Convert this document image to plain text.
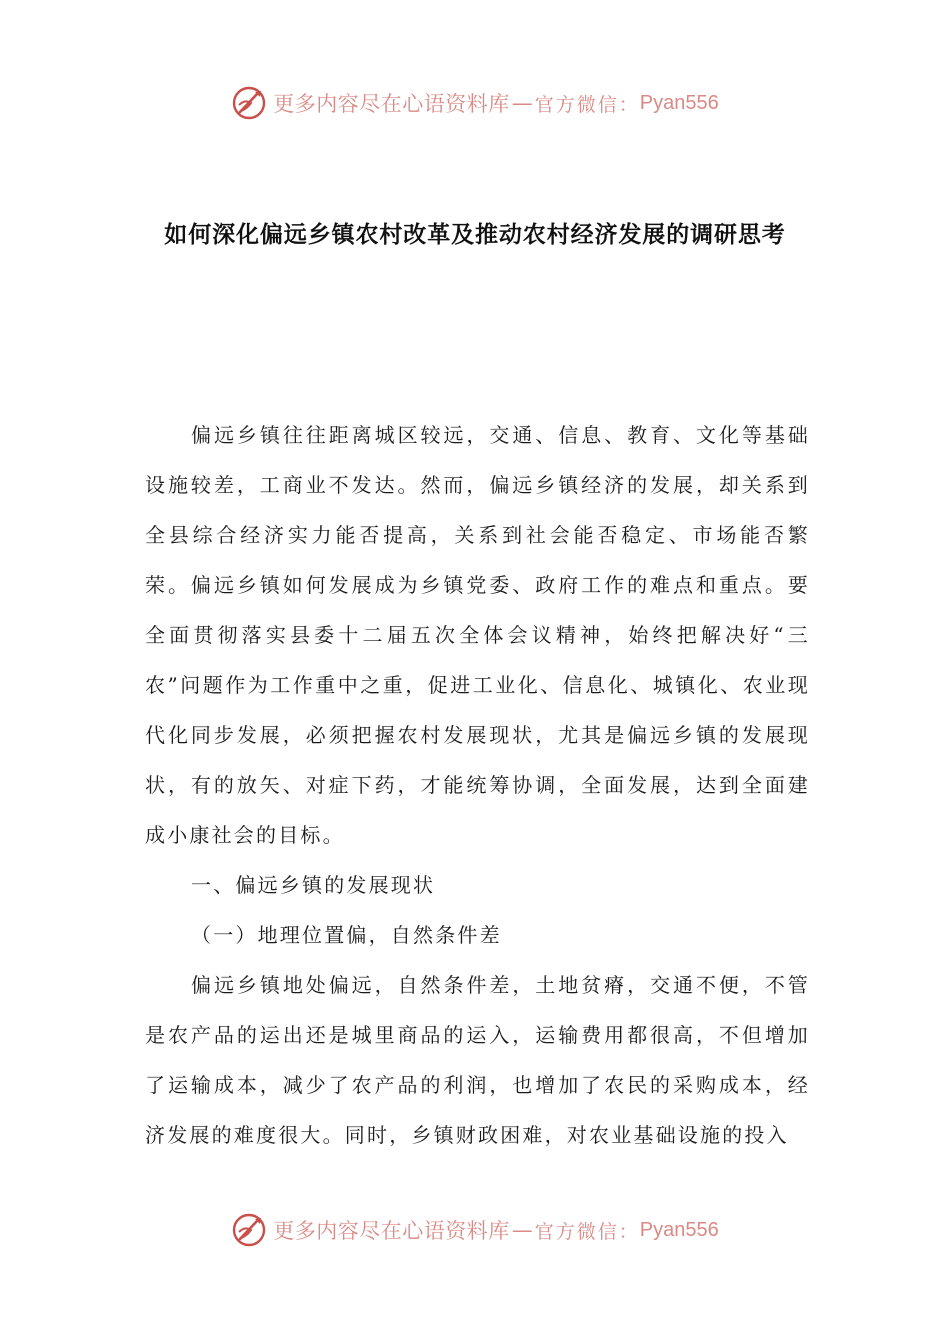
更多内容尽在心语资料库 — 官方微信： Pyan556
如何深化偏远乡镇农村改革及推动农村经济发展的调研思考

偏远乡镇往往距离城区较远，交通、信息、教育、文化等基础设施较差，工商业不发达。然而，偏远乡镇经济的发展，却关系到全县综合经济实力能否提高，关系到社会能否稳定、市场能否繁荣。偏远乡镇如何发展成为乡镇党委、政府工作的难点和重点。要全面贯彻落实县委十二届五次全体会议精神，始终把解决好“三农”问题作为工作重中之重，促进工业化、信息化、城镇化、农业现代化同步发展，必须把握农村发展现状，尤其是偏远乡镇的发展现状，有的放矢、对症下药，才能统筹协调，全面发展，达到全面建成小康社会的目标。

一、偏远乡镇的发展现状

（一）地理位置偏，自然条件差

偏远乡镇地处偏远，自然条件差，土地贫瘠，交通不便，不管是农产品的运出还是城里商品的运入，运输费用都很高，不但增加了运输成本，减少了农产品的利润，也增加了农民的采购成本，经济发展的难度很大。同时，乡镇财政困难，对农业基础设施的投入

更多内容尽在心语资料库 — 官方微信： Pyan556
